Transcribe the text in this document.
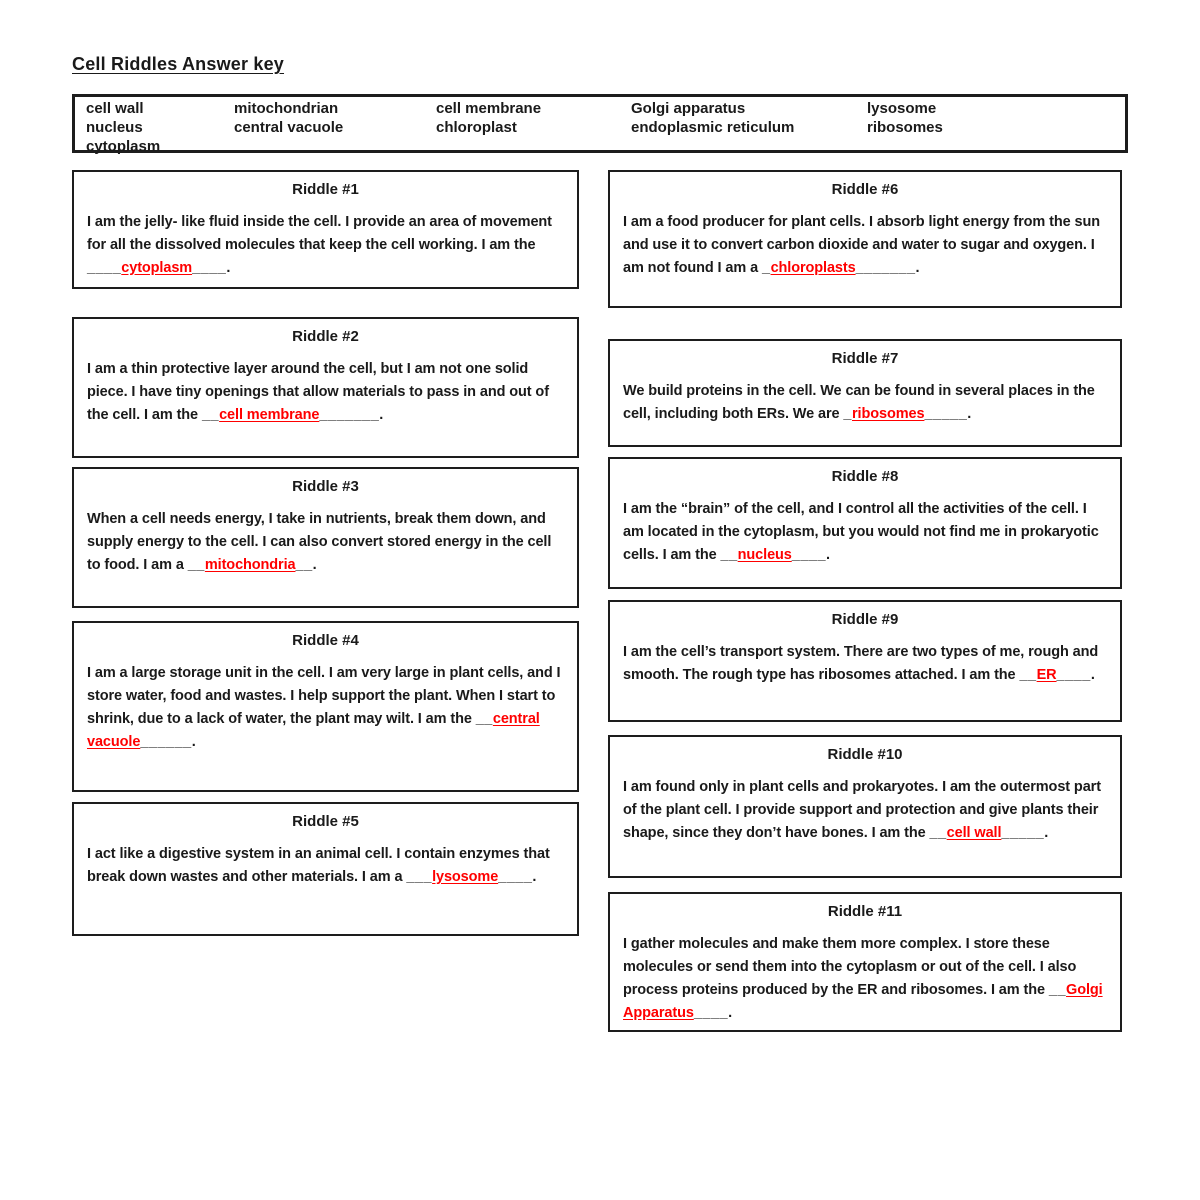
Cell Riddles Answer key
cell wall
nucleus
cytoplasm
mitochondrian
central vacuole
cell membrane
chloroplast
Golgi apparatus
endoplasmic reticulum
lysosome
ribosomes
Riddle #1
I am the jelly- like fluid inside the cell. I provide an area of movement for all the dissolved molecules that keep the cell working. I am the ____cytoplasm____.
Riddle #2
I am a thin protective layer around the cell, but I am not one solid piece. I have tiny openings that allow materials to pass in and out of the cell. I am the __cell membrane_______.
Riddle #3
When a cell needs energy, I take in nutrients, break them down, and supply energy to the cell. I can also convert stored energy in the cell to food. I am a __mitochondria__.
Riddle #4
I am a large storage unit in the cell. I am very large in plant cells, and I store water, food and wastes. I help support the plant. When I start to shrink, due to a lack of water, the plant may wilt. I am the __central vacuole______.
Riddle #5
I act like a digestive system in an animal cell. I contain enzymes that break down wastes and other materials. I am a ___lysosome____.
Riddle #6
I am a food producer for plant cells. I absorb light energy from the sun and use it to convert carbon dioxide and water to sugar and oxygen. I am not found I am a _chloroplasts_______.
Riddle #7
We build proteins in the cell. We can be found in several places in the cell, including both ERs. We are _ribosomes_____.
Riddle #8
I am the “brain” of the cell, and I control all the activities of the cell. I am located in the cytoplasm, but you would not find me in prokaryotic cells. I am the __nucleus____.
Riddle #9
I am the cell’s transport system. There are two types of me, rough and smooth. The rough type has ribosomes attached. I am the __ER____.
Riddle #10
I am found only in plant cells and prokaryotes. I am the outermost part of the plant cell. I provide support and protection and give plants their shape, since they don’t have bones. I am the __cell wall_____.
Riddle #11
I gather molecules and make them more complex. I store these molecules or send them into the cytoplasm or out of the cell. I also process proteins produced by the ER and ribosomes. I am the __Golgi Apparatus____.
